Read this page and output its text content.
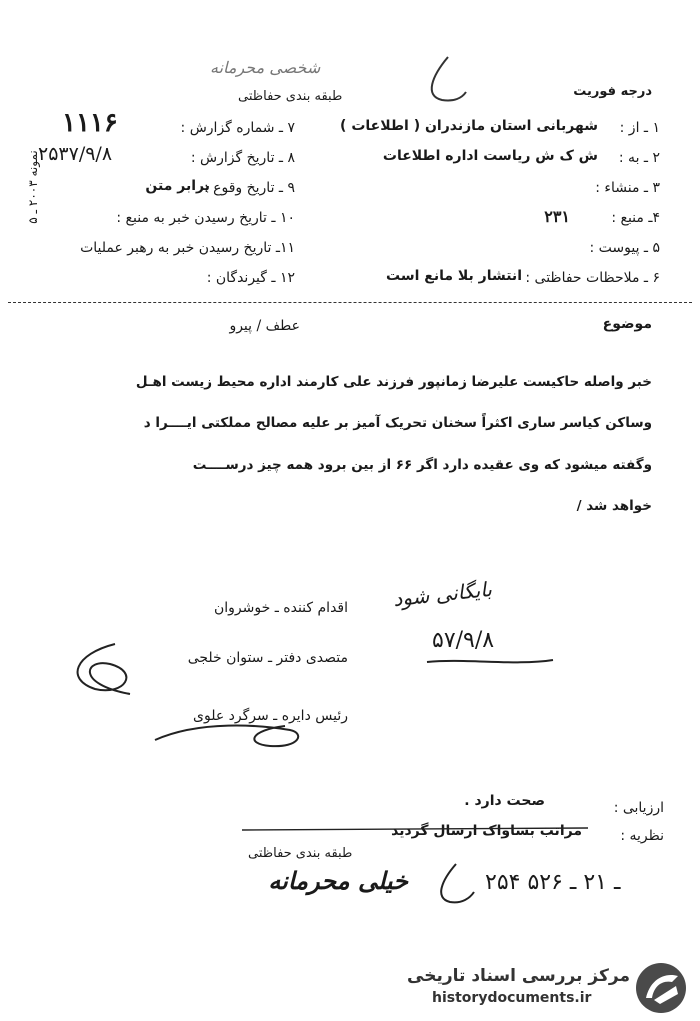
شخصی محرمانه
درجه فوریت
طبقه بندی حفاظتی
۱ ـ از :
شهربانی استان مازندران ( اطلاعات )
۲ ـ به :
ش ک ش ریاست اداره اطلاعات
۳ ـ منشاء :
۴ـ منبع :
۲۳۱
۵ ـ پیوست :
۶ ـ ملاحظات حفاظتی :
انتشار بلا مانع است
۷ ـ شماره گزارش :
۱۱۱۶
۸ ـ تاریخ گزارش :
۲۵۳۷/۹/۸
۹ ـ تاریخ وقوع :
برابر متن
۱۰ ـ تاریخ رسیدن خبر به منبع :
۱۱ـ تاریخ رسیدن خبر به رهبر عملیات
۱۲ ـ گیرندگان :
نمونه ۲۰۰۳ ـ ۵
موضوع
عطف / پیرو
خبر واصله حاکیست علیرضا زمانپور فرزند علی کارمند اداره محیط زیست اهـل
وساکن کیاسر ساری اکثراً سخنان تحریک آمیز بر علیه مصالح مملکتی ایــــرا د
وگفته میشود که وی عقیده دارد اگر ۶۶ از بین برود همه چیز درســــت
خواهد شد /
بایگانی شود
۵۷/۹/۸
اقدام کننده ـ خوشروان
متصدی دفتر ـ ستوان خلجی
رئیس دایره ـ سرگرد علوی
ارزیابی :
صحت دارد .
نظریه :
مراتب بساواک ارسال گردید
طبقه بندی حفاظتی
خیلی محرمانه	۲۵۴ ـ ۲۱ ـ ۵۲۶
مرکز بررسی اسناد تاریخی
historydocuments.ir
